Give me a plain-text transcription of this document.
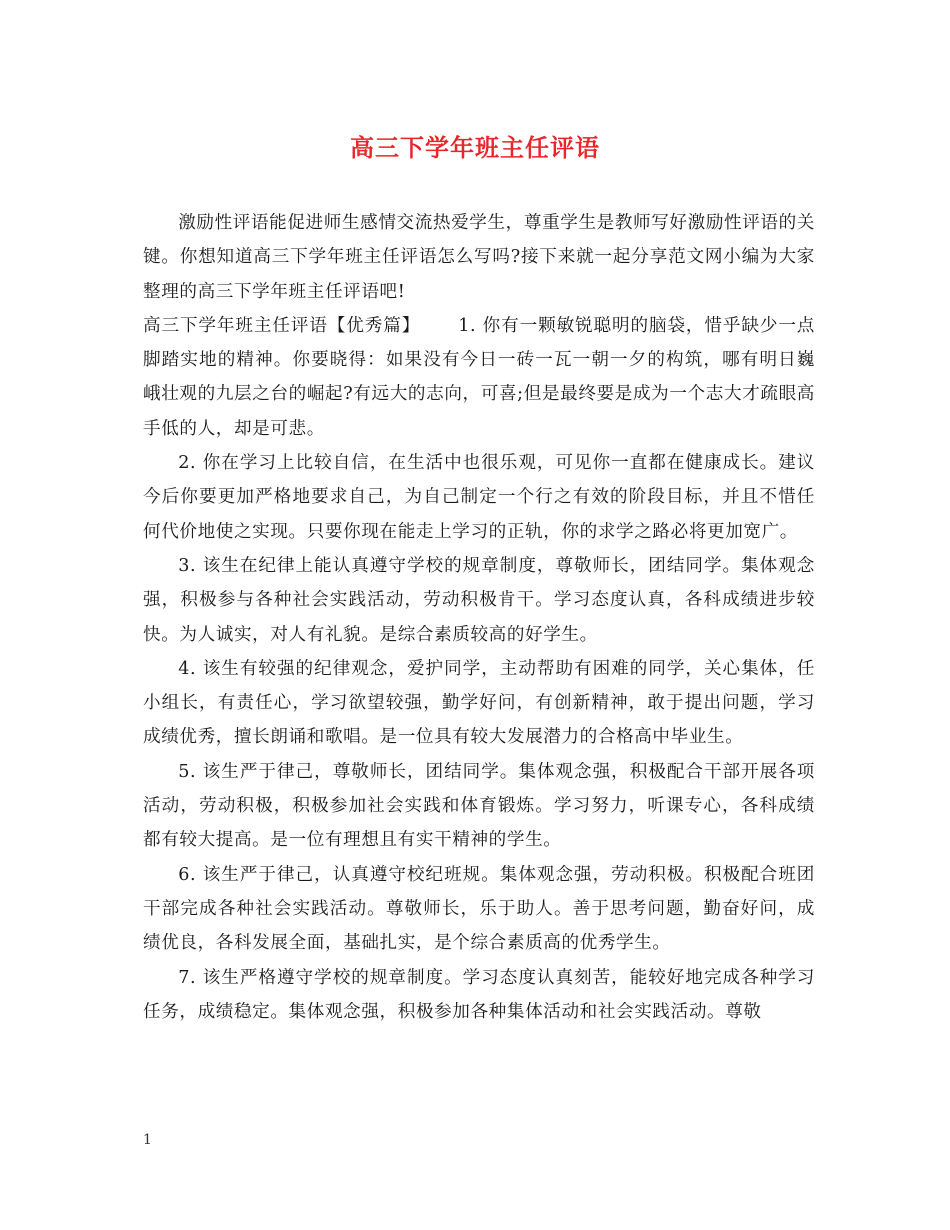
高三下学年班主任评语

激励性评语能促进师生感情交流热爱学生，尊重学生是教师写好激励性评语的关键。你想知道高三下学年班主任评语怎么写吗?接下来就一起分享范文网小编为大家整理的高三下学年班主任评语吧!

高三下学年班主任评语【优秀篇】 1. 你有一颗敏锐聪明的脑袋，惜乎缺少一点脚踏实地的精神。你要晓得：如果没有今日一砖一瓦一朝一夕的构筑，哪有明日巍峨壮观的九层之台的崛起?有远大的志向，可喜;但是最终要是成为一个志大才疏眼高手低的人，却是可悲。

2. 你在学习上比较自信，在生活中也很乐观，可见你一直都在健康成长。建议今后你要更加严格地要求自己，为自己制定一个行之有效的阶段目标，并且不惜任何代价地使之实现。只要你现在能走上学习的正轨，你的求学之路必将更加宽广。

3. 该生在纪律上能认真遵守学校的规章制度，尊敬师长，团结同学。集体观念强，积极参与各种社会实践活动，劳动积极肯干。学习态度认真，各科成绩进步较快。为人诚实，对人有礼貌。是综合素质较高的好学生。

4. 该生有较强的纪律观念，爱护同学，主动帮助有困难的同学，关心集体，任小组长，有责任心，学习欲望较强，勤学好问，有创新精神，敢于提出问题，学习成绩优秀，擅长朗诵和歌唱。是一位具有较大发展潜力的合格高中毕业生。

5. 该生严于律己，尊敬师长，团结同学。集体观念强，积极配合干部开展各项活动，劳动积极，积极参加社会实践和体育锻炼。学习努力，听课专心，各科成绩都有较大提高。是一位有理想且有实干精神的学生。

6. 该生严于律己，认真遵守校纪班规。集体观念强，劳动积极。积极配合班团干部完成各种社会实践活动。尊敬师长，乐于助人。善于思考问题，勤奋好问，成绩优良，各科发展全面，基础扎实，是个综合素质高的优秀学生。

7. 该生严格遵守学校的规章制度。学习态度认真刻苦，能较好地完成各种学习任务，成绩稳定。集体观念强，积极参加各种集体活动和社会实践活动。尊敬

1
